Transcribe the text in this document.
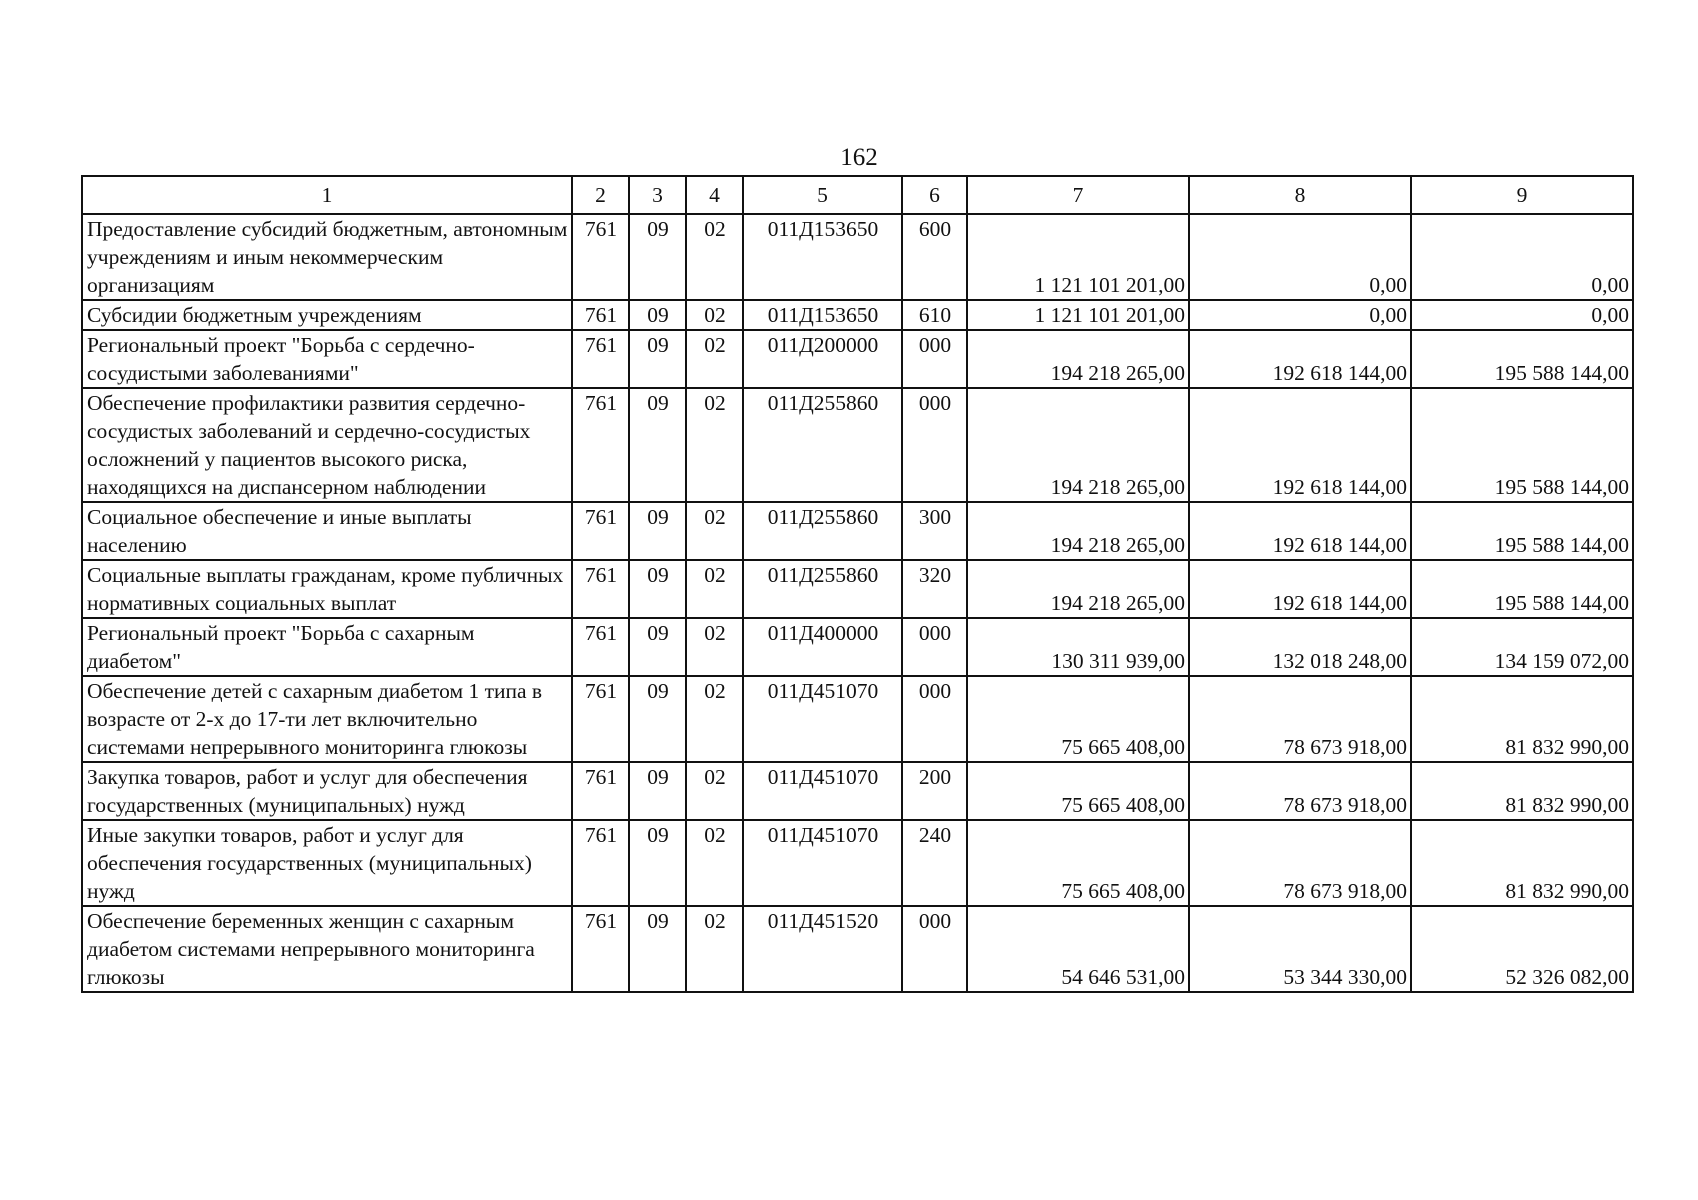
162
1	2	3	4	5	6	7	8	9
Предоставление субсидий бюджетным, автономным учреждениям и иным некоммерческим организациям	761	09	02	011Д153650	600	1 121 101 201,00	0,00	0,00
Субсидии бюджетным учреждениям	761	09	02	011Д153650	610	1 121 101 201,00	0,00	0,00
Региональный проект "Борьба с сердечно-сосудистыми заболеваниями"	761	09	02	011Д200000	000	194 218 265,00	192 618 144,00	195 588 144,00
Обеспечение профилактики развития сердечно-сосудистых заболеваний и сердечно-сосудистых осложнений у пациентов высокого риска, находящихся на диспансерном наблюдении	761	09	02	011Д255860	000	194 218 265,00	192 618 144,00	195 588 144,00
Социальное обеспечение и иные выплаты населению	761	09	02	011Д255860	300	194 218 265,00	192 618 144,00	195 588 144,00
Социальные выплаты гражданам, кроме публичных нормативных социальных выплат	761	09	02	011Д255860	320	194 218 265,00	192 618 144,00	195 588 144,00
Региональный проект "Борьба с сахарным диабетом"	761	09	02	011Д400000	000	130 311 939,00	132 018 248,00	134 159 072,00
Обеспечение детей с сахарным диабетом 1 типа в возрасте от 2-х до 17-ти лет включительно системами непрерывного мониторинга глюкозы	761	09	02	011Д451070	000	75 665 408,00	78 673 918,00	81 832 990,00
Закупка товаров, работ и услуг для обеспечения государственных (муниципальных) нужд	761	09	02	011Д451070	200	75 665 408,00	78 673 918,00	81 832 990,00
Иные закупки товаров, работ и услуг для обеспечения государственных (муниципальных) нужд	761	09	02	011Д451070	240	75 665 408,00	78 673 918,00	81 832 990,00
Обеспечение беременных женщин с сахарным диабетом системами непрерывного мониторинга глюкозы	761	09	02	011Д451520	000	54 646 531,00	53 344 330,00	52 326 082,00
